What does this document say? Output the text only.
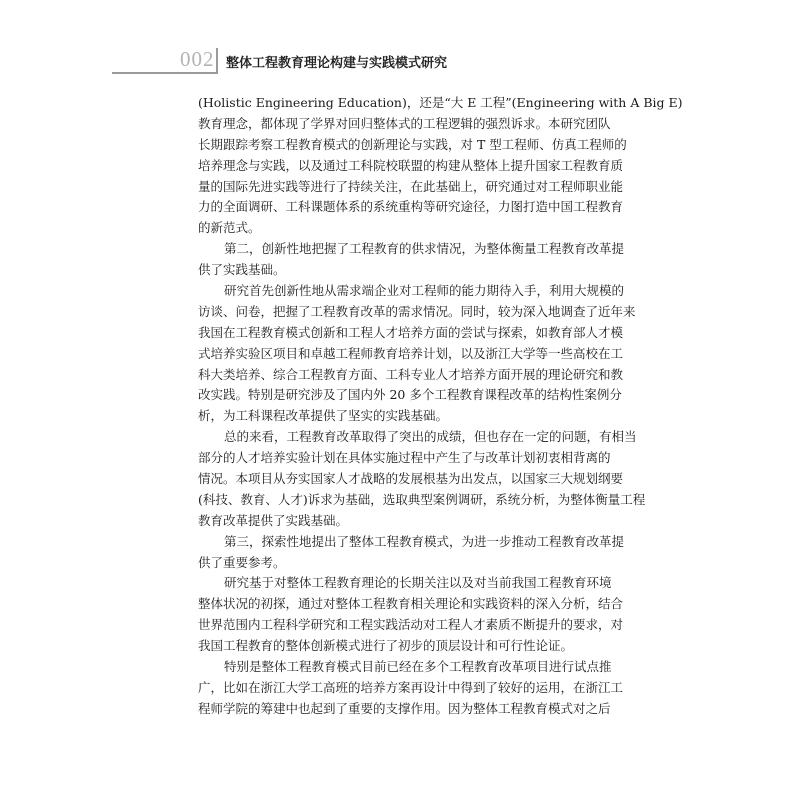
002 整体工程教育理论构建与实践模式研究
(Holistic Engineering Education)，还是“大 E 工程”(Engineering with A Big E)
教育理念，都体现了学界对回归整体式的工程逻辑的强烈诉求。本研究团队
长期跟踪考察工程教育模式的创新理论与实践，对 T 型工程师、仿真工程师的
培养理念与实践，以及通过工科院校联盟的构建从整体上提升国家工程教育质
量的国际先进实践等进行了持续关注，在此基础上，研究通过对工程师职业能
力的全面调研、工科课题体系的系统重构等研究途径，力图打造中国工程教育
的新范式。
第二，创新性地把握了工程教育的供求情况，为整体衡量工程教育改革提
供了实践基础。
研究首先创新性地从需求端企业对工程师的能力期待入手，利用大规模的
访谈、问卷，把握了工程教育改革的需求情况。同时，较为深入地调查了近年来
我国在工程教育模式创新和工程人才培养方面的尝试与探索，如教育部人才模
式培养实验区项目和卓越工程师教育培养计划，以及浙江大学等一些高校在工
科大类培养、综合工程教育方面、工科专业人才培养方面开展的理论研究和教
改实践。特别是研究涉及了国内外 20 多个工程教育课程改革的结构性案例分
析，为工科课程改革提供了坚实的实践基础。
总的来看，工程教育改革取得了突出的成绩，但也存在一定的问题，有相当
部分的人才培养实验计划在具体实施过程中产生了与改革计划初衷相背离的
情况。本项目从夯实国家人才战略的发展根基为出发点，以国家三大规划纲要
(科技、教育、人才)诉求为基础，选取典型案例调研，系统分析，为整体衡量工程
教育改革提供了实践基础。
第三，探索性地提出了整体工程教育模式，为进一步推动工程教育改革提
供了重要参考。
研究基于对整体工程教育理论的长期关注以及对当前我国工程教育环境
整体状况的初探，通过对整体工程教育相关理论和实践资料的深入分析，结合
世界范围内工程科学研究和工程实践活动对工程人才素质不断提升的要求，对
我国工程教育的整体创新模式进行了初步的顶层设计和可行性论证。
特别是整体工程教育模式目前已经在多个工程教育改革项目进行试点推
广，比如在浙江大学工高班的培养方案再设计中得到了较好的运用，在浙江工
程师学院的筹建中也起到了重要的支撑作用。因为整体工程教育模式对之后
